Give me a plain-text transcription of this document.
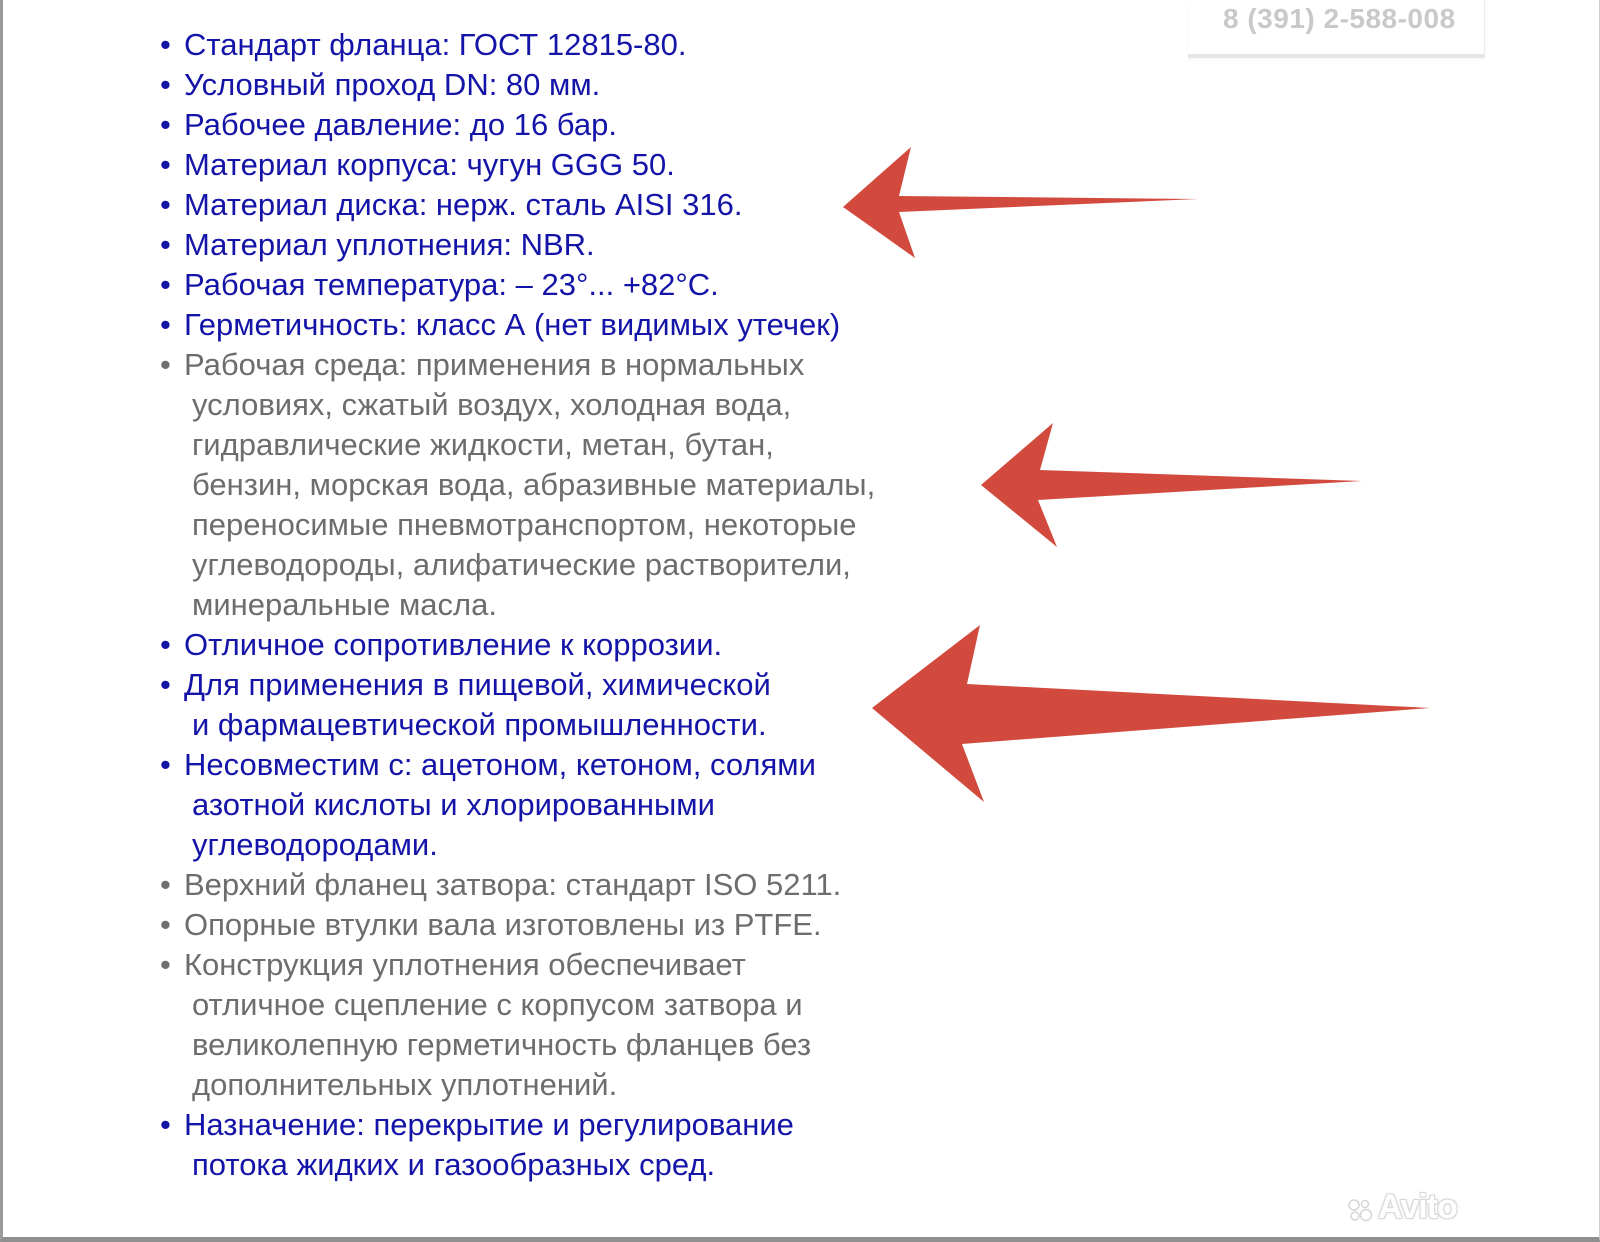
8 (391) 2-588-008
• Стандарт фланца: ГОСТ 12815-80.
• Условный проход DN: 80 мм.
• Рабочее давление: до 16 бар.
• Материал корпуса: чугун GGG 50.
• Материал диска: нерж. сталь AISI 316.
• Материал уплотнения: NBR.
• Рабочая температура: – 23°... +82°С.
• Герметичность: класс А (нет видимых утечек)
• Рабочая среда: применения в нормальных
условиях, сжатый воздух, холодная вода,
гидравлические жидкости, метан, бутан,
бензин, морская вода, абразивные материалы,
переносимые пневмотранспортом, некоторые
углеводороды, алифатические растворители,
минеральные масла.
• Отличное сопротивление к коррозии.
• Для применения в пищевой, химической
и фармацевтической промышленности.
• Несовместим с: ацетоном, кетоном, солями
азотной кислоты и хлорированными
углеводородами.
• Верхний фланец затвора: стандарт ISO 5211.
• Опорные втулки вала изготовлены из PTFE.
• Конструкция уплотнения обеспечивает
отличное сцепление с корпусом затвора и
великолепную герметичность фланцев без
дополнительных уплотнений.
• Назначение: перекрытие и регулирование
потока жидких и газообразных сред.
Avito
